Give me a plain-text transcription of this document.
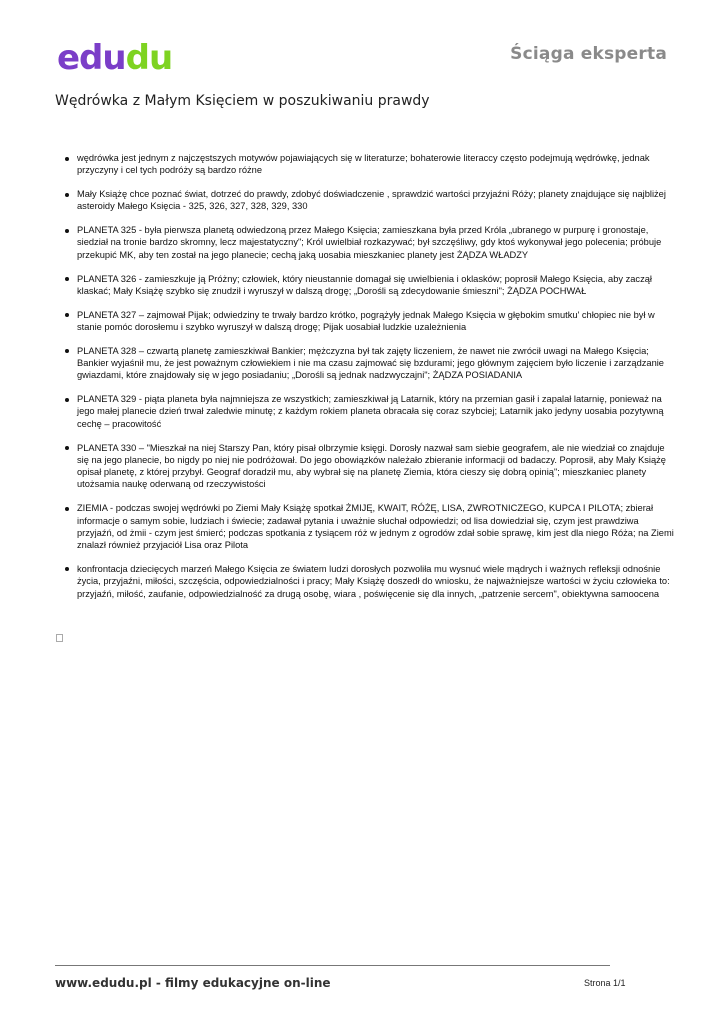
edudu	Ściąga eksperta
Wędrówka z Małym Księciem w poszukiwaniu prawdy
wędrówka jest jednym z najczęstszych motywów pojawiających się w literaturze; bohaterowie literaccy często podejmują wędrówkę, jednak przyczyny i cel tych podróży są bardzo różne
Mały Książę chce poznać świat, dotrzeć do prawdy, zdobyć doświadczenie , sprawdzić wartości przyjaźni Róży; planety znajdujące się najbliżej asteroidy Małego Księcia - 325, 326, 327, 328, 329, 330
PLANETA 325 - była pierwsza planetą odwiedzoną przez Małego Księcia; zamieszkana była przed Króla „ubranego w purpurę i gronostaje, siedział na tronie bardzo skromny, lecz majestatyczny"; Król uwielbiał rozkazywać; był szczęśliwy, gdy ktoś wykonywał jego polecenia; próbuje przekupić MK, aby ten został na jego planecie; cechą jaką uosabia mieszkaniec planety jest ŻĄDZA WŁADZY
PLANETA 326 - zamieszkuje ją Próżny; człowiek, który nieustannie domagał się uwielbienia i oklasków; poprosił Małego Księcia, aby zaczął klaskać; Mały Książę szybko się znudził i wyruszył w dalszą drogę; „Dorośli są zdecydowanie śmieszni"; ŻĄDZA POCHWAŁ
PLANETA 327 – zajmował Pijak; odwiedziny te trwały bardzo krótko, pogrążyły jednak Małego Księcia w głębokim smutku' chłopiec nie był w stanie pomóc dorosłemu i szybko wyruszył w dalszą drogę; Pijak uosabiał ludzkie uzależnienia
PLANETA 328 – czwartą planetę zamieszkiwał Bankier; mężczyzna był tak zajęty liczeniem, że nawet nie zwrócił uwagi na Małego Księcia; Bankier wyjaśnił mu, że jest poważnym człowiekiem i nie ma czasu zajmować się bzdurami; jego głównym zajęciem było liczenie i zarządzanie gwiazdami, które znajdowały się w jego posiadaniu; „Dorośli są jednak nadzwyczajni"; ŻĄDZA POSIADANIA
PLANETA 329 - piąta planeta była najmniejsza ze wszystkich; zamieszkiwał ją Latarnik, który na przemian gasił i zapalał latarnię, ponieważ na jego małej planecie dzień trwał zaledwie minutę; z każdym rokiem planeta obracała się coraz szybciej; Latarnik jako jedyny uosabia pozytywną cechę – pracowitość
PLANETA 330 – "Mieszkał na niej Starszy Pan, który pisał olbrzymie księgi. Dorosły nazwał sam siebie geografem, ale nie wiedział co znajduje się na jego planecie, bo nigdy po niej nie podróżował. Do jego obowiązków należało zbieranie informacji od badaczy. Poprosił, aby Mały Książę opisał planetę, z której przybył. Geograf doradził mu, aby wybrał się na planetę Ziemia, która cieszy się dobrą opinią"; mieszkaniec planety utożsamia naukę oderwaną od rzeczywistości
ZIEMIA - podczas swojej wędrówki po Ziemi Mały Książę spotkał ŻMIJĘ, KWAIT, RÓŻĘ, LISA, ZWROTNICZEGO, KUPCA I PILOTA; zbierał informacje o samym sobie, ludziach i świecie; zadawał pytania i uważnie słuchał odpowiedzi; od lisa dowiedział się, czym jest prawdziwa przyjaźń, od żmii - czym jest śmierć; podczas spotkania z tysiącem róż w jednym z ogrodów zdał sobie sprawę, kim jest dla niego Róża; na Ziemi znalazł również przyjaciół Lisa oraz Pilota
konfrontacja dziecięcych marzeń Małego Księcia ze światem ludzi dorosłych pozwoliła mu wysnuć wiele mądrych i ważnych refleksji odnośnie życia, przyjaźni, miłości, szczęścia, odpowiedzialności i pracy; Mały Książę doszedł do wniosku, że najważniejsze wartości w życiu człowieka to: przyjaźń, miłość, zaufanie, odpowiedzialność za drugą osobę, wiara , poświęcenie się dla innych, „patrzenie sercem", obiektywna samoocena
www.edudu.pl - filmy edukacyjne on-line	Strona 1/1
